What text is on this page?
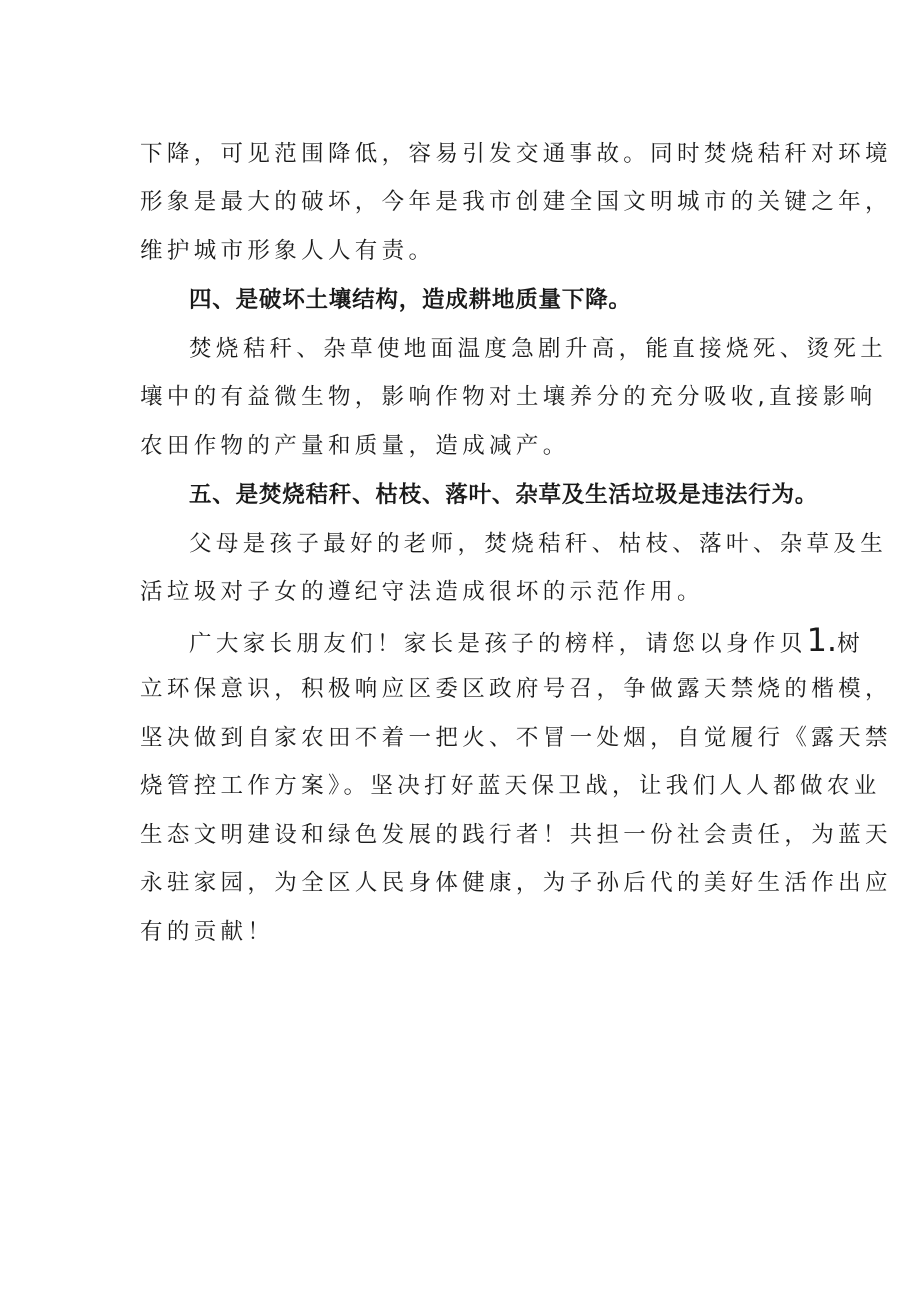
下降，可见范围降低，容易引发交通事故。同时焚烧秸秆对环境
形象是最大的破坏，今年是我市创建全国文明城市的关键之年，
维护城市形象人人有责。
四、是破坏土壤结构，造成耕地质量下降。
焚烧秸秆、杂草使地面温度急剧升高，能直接烧死、烫死土
壤中的有益微生物，影响作物对土壤养分的充分吸收,直接影响
农田作物的产量和质量，造成减产。
五、是焚烧秸秆、枯枝、落叶、杂草及生活垃圾是违法行为。
父母是孩子最好的老师，焚烧秸秆、枯枝、落叶、杂草及生
活垃圾对子女的遵纪守法造成很坏的示范作用。
广大家长朋友们！家长是孩子的榜样，请您以身作贝1.树
立环保意识，积极响应区委区政府号召，争做露天禁烧的楷模，
坚决做到自家农田不着一把火、不冒一处烟，自觉履行《露天禁
烧管控工作方案》。坚决打好蓝天保卫战，让我们人人都做农业
生态文明建设和绿色发展的践行者！共担一份社会责任，为蓝天
永驻家园，为全区人民身体健康，为子孙后代的美好生活作出应
有的贡献！
